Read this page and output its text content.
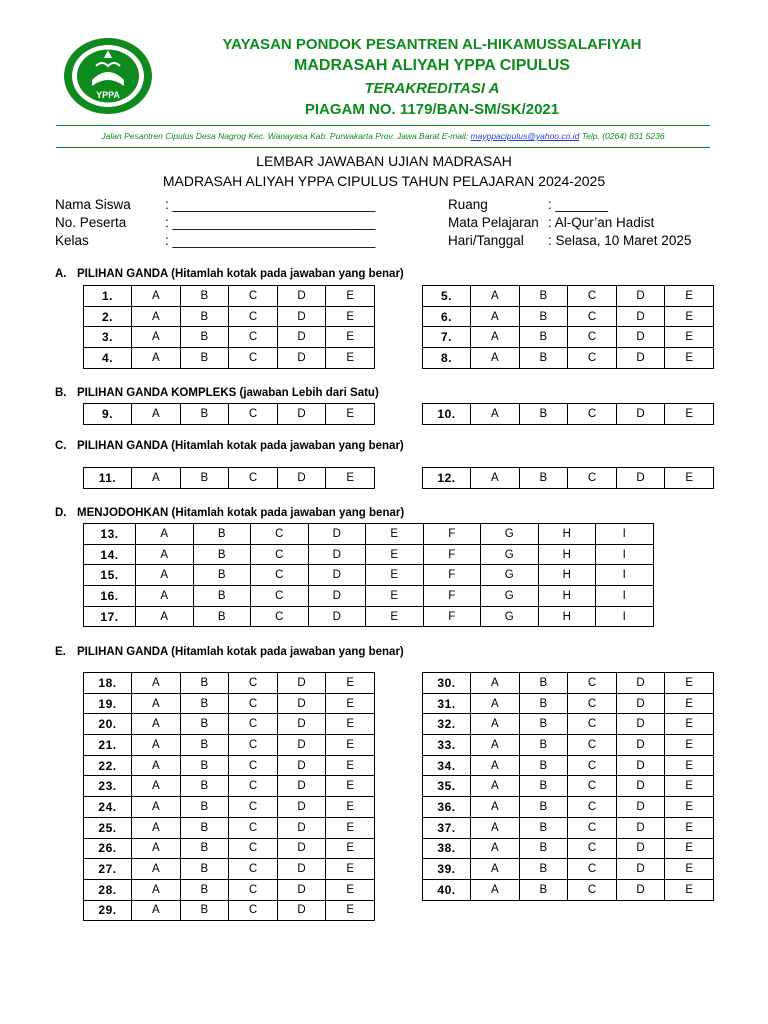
YPPA
YAYASAN PONDOK PESANTREN AL-HIKAMUSSALAFIYAH
MADRASAH ALIYAH YPPA CIPULUS
TERAKREDITASI A
PIAGAM NO. 1179/BAN-SM/SK/2021
Jalan Pesantren Cipulus Desa Nagrog Kec. Wanayasa Kab. Purwakarta Prov. Jawa Barat E-mail: mayppacipulus@yahoo.co.id Telp. (0264) 831 5236
LEMBAR JAWABAN UJIAN MADRASAH
MADRASAH ALIYAH YPPA CIPULUS TAHUN PELAJARAN 2024-2025
Nama Siswa	: ___________________________
No. Peserta	: ___________________________
Kelas	: ___________________________
Ruang	: _______
Mata Pelajaran : Al-Qur’an Hadist
Hari/Tanggal : Selasa, 10 Maret 2025
A. PILIHAN GANDA (Hitamlah kotak pada jawaban yang benar)
B. PILIHAN GANDA KOMPLEKS (jawaban Lebih dari Satu)
C. PILIHAN GANDA (Hitamlah kotak pada jawaban yang benar)
D. MENJODOHKAN (Hitamlah kotak pada jawaban yang benar)
E. PILIHAN GANDA (Hitamlah kotak pada jawaban yang benar)
1.	A	B	C	D	E
2.	A	B	C	D	E
3.	A	B	C	D	E
4.	A	B	C	D	E
5.	A	B	C	D	E
6.	A	B	C	D	E
7.	A	B	C	D	E
8.	A	B	C	D	E
9.	A	B	C	D	E	10.	A	B	C	D	E
11.	A	B	C	D	E	12.	A	B	C	D	E
13.	A	B	C	D	E	F	G	H	I
14.	A	B	C	D	E	F	G	H	I
15.	A	B	C	D	E	F	G	H	I
16.	A	B	C	D	E	F	G	H	I
17.	A	B	C	D	E	F	G	H	I
18.	A	B	C	D	E
19.	A	B	C	D	E
20.	A	B	C	D	E
21.	A	B	C	D	E
22.	A	B	C	D	E
23.	A	B	C	D	E
24.	A	B	C	D	E
25.	A	B	C	D	E
26.	A	B	C	D	E
27.	A	B	C	D	E
28.	A	B	C	D	E
29.	A	B	C	D	E
30.	A	B	C	D	E
31.	A	B	C	D	E
32.	A	B	C	D	E
33.	A	B	C	D	E
34.	A	B	C	D	E
35.	A	B	C	D	E
36.	A	B	C	D	E
37.	A	B	C	D	E
38.	A	B	C	D	E
39.	A	B	C	D	E
40.	A	B	C	D	E
